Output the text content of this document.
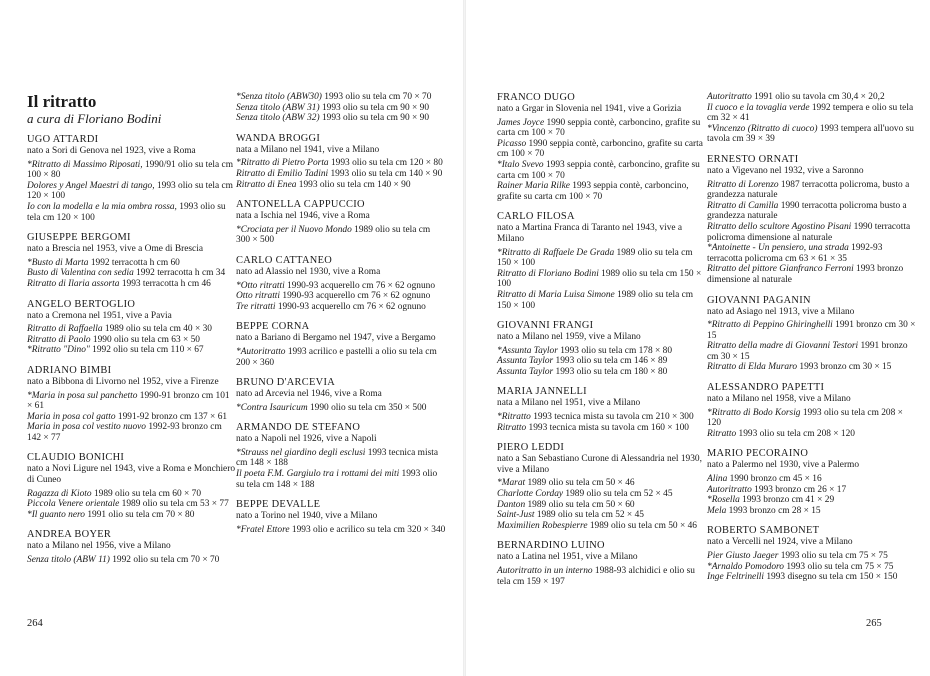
Il ritratto
a cura di Floriano Bodini
UGO ATTARDI
nato a Sori di Genova nel 1923, vive a Roma
*Ritratto di Massimo Riposati, 1990/91 olio su tela cm 100 × 80
Dolores y Angel Maestri di tango, 1993 olio su tela cm 120 × 100
Io con la modella e la mia ombra rossa, 1993 olio su tela cm 120 × 100
GIUSEPPE BERGOMI
nato a Brescia nel 1953, vive a Ome di Brescia
*Busto di Marta 1992 terracotta h cm 60
Busto di Valentina con sedia 1992 terracotta h cm 34
Ritratto di Ilaria assorta 1993 terracotta h cm 46
ANGELO BERTOGLIO
nato a Cremona nel 1951, vive a Pavia
Ritratto di Raffaella 1989 olio su tela cm 40 × 30
Ritratto di Paolo 1990 olio su tela cm 63 × 50
*Ritratto "Dino" 1992 olio su tela cm 110 × 67
ADRIANO BIMBI
nato a Bibbona di Livorno nel 1952, vive a Firenze
*Maria in posa sul panchetto 1990-91 bronzo cm 101 × 61
Maria in posa col gatto 1991-92 bronzo cm 137 × 61
Maria in posa col vestito nuovo 1992-93 bronzo cm 142 × 77
CLAUDIO BONICHI
nato a Novi Ligure nel 1943, vive a Roma e Monchiero di Cuneo
Ragazza di Kioto 1989 olio su tela cm 60 × 70
Piccola Venere orientale 1989 olio su tela cm 53 × 77
*Il guanto nero 1991 olio su tela cm 70 × 80
ANDREA BOYER
nato a Milano nel 1956, vive a Milano
Senza titolo (ABW 11) 1992 olio su tela cm 70 × 70
*Senza titolo (ABW30) 1993 olio su tela cm 70 × 70
Senza titolo (ABW 31) 1993 olio su tela cm 90 × 90
Senza titolo (ABW 32) 1993 olio su tela cm 90 × 90
WANDA BROGGI
nata a Milano nel 1941, vive a Milano
*Ritratto di Pietro Porta 1993 olio su tela cm 120 × 80
Ritratto di Emilio Tadini 1993 olio su tela cm 140 × 90
Ritratto di Enea 1993 olio su tela cm 140 × 90
ANTONELLA CAPPUCCIO
nata a Ischia nel 1946, vive a Roma
*Crociata per il Nuovo Mondo 1989 olio su tela cm 300 × 500
CARLO CATTANEO
nato ad Alassio nel 1930, vive a Roma
*Otto ritratti 1990-93 acquerello cm 76 × 62 ognuno
Otto ritratti 1990-93 acquerello cm 76 × 62 ognuno
Tre ritratti 1990-93 acquerello cm 76 × 62 ognuno
BEPPE CORNA
nato a Bariano di Bergamo nel 1947, vive a Bergamo
*Autoritratto 1993 acrilico e pastelli a olio su tela cm 200 × 360
BRUNO D'ARCEVIA
nato ad Arcevia nel 1946, vive a Roma
*Contra Isauricum 1990 olio su tela cm 350 × 500
ARMANDO DE STEFANO
nato a Napoli nel 1926, vive a Napoli
*Strauss nel giardino degli esclusi 1993 tecnica mista cm 148 × 188
Il poeta F.M. Gargiulo tra i rottami dei miti 1993 olio su tela cm 148 × 188
BEPPE DEVALLE
nato a Torino nel 1940, vive a Milano
*Fratel Ettore 1993 olio e acrilico su tela cm 320 × 340
FRANCO DUGO
nato a Grgar in Slovenia nel 1941, vive a Gorizia
James Joyce 1990 seppia contè, carboncino, grafite su carta cm 100 × 70
Picasso 1990 seppia contè, carboncino, grafite su carta cm 100 × 70
*Italo Svevo 1993 seppia contè, carboncino, grafite su carta cm 100 × 70
Rainer Maria Rilke 1993 seppia contè, carboncino, grafite su carta cm 100 × 70
CARLO FILOSA
nato a Martina Franca di Taranto nel 1943, vive a Milano
*Ritratto di Raffaele De Grada 1989 olio su tela cm 150 × 100
Ritratto di Floriano Bodini 1989 olio su tela cm 150 × 100
Ritratto di Maria Luisa Simone 1989 olio su tela cm 150 × 100
GIOVANNI FRANGI
nato a Milano nel 1959, vive a Milano
*Assunta Taylor 1993 olio su tela cm 178 × 80
Assunta Taylor 1993 olio su tela cm 146 × 89
Assunta Taylor 1993 olio su tela cm 180 × 80
MARIA JANNELLI
nata a Milano nel 1951, vive a Milano
*Ritratto 1993 tecnica mista su tavola cm 210 × 300
Ritratto 1993 tecnica mista su tavola cm 160 × 100
PIERO LEDDI
nato a San Sebastiano Curone di Alessandria nel 1930, vive a Milano
*Marat 1989 olio su tela cm 50 × 46
Charlotte Corday 1989 olio su tela cm 52 × 45
Danton 1989 olio su tela cm 50 × 60
Saint-Just 1989 olio su tela cm 52 × 45
Maximilien Robespierre 1989 olio su tela cm 50 × 46
BERNARDINO LUINO
nato a Latina nel 1951, vive a Milano
Autoritratto in un interno 1988-93 alchidici e olio su tela cm 159 × 197
Autoritratto 1991 olio su tavola cm 30,4 × 20,2
Il cuoco e la tovaglia verde 1992 tempera e olio su tela cm 32 × 41
*Vincenzo (Ritratto di cuoco) 1993 tempera all'uovo su tavola cm 39 × 39
ERNESTO ORNATI
nato a Vigevano nel 1932, vive a Saronno
Ritratto di Lorenzo 1987 terracotta policroma, busto a grandezza naturale
Ritratto di Camilla 1990 terracotta policroma busto a grandezza naturale
Ritratto dello scultore Agostino Pisani 1990 terracotta policroma dimensione al naturale
*Antoinette - Un pensiero, una strada 1992-93 terracotta policroma cm 63 × 61 × 35
Ritratto del pittore Gianfranco Ferroni 1993 bronzo dimensione al naturale
GIOVANNI PAGANIN
nato ad Asiago nel 1913, vive a Milano
*Ritratto di Peppino Ghiringhelli 1991 bronzo cm 30 × 15
Ritratto della madre di Giovanni Testori 1991 bronzo cm 30 × 15
Ritratto di Elda Muraro 1993 bronzo cm 30 × 15
ALESSANDRO PAPETTI
nato a Milano nel 1958, vive a Milano
*Ritratto di Bodo Korsig 1993 olio su tela cm 208 × 120
Ritratto 1993 olio su tela cm 208 × 120
MARIO PECORAINO
nato a Palermo nel 1930, vive a Palermo
Alina 1990 bronzo cm 45 × 16
Autoritratto 1993 bronzo cm 26 × 17
*Rosella 1993 bronzo cm 41 × 29
Mela 1993 bronzo cm 28 × 15
ROBERTO SAMBONET
nato a Vercelli nel 1924, vive a Milano
Pier Giusto Jaeger 1993 olio su tela cm 75 × 75
*Arnaldo Pomodoro 1993 olio su tela cm 75 × 75
Inge Feltrinelli 1993 disegno su tela cm 150 × 150
264	265
